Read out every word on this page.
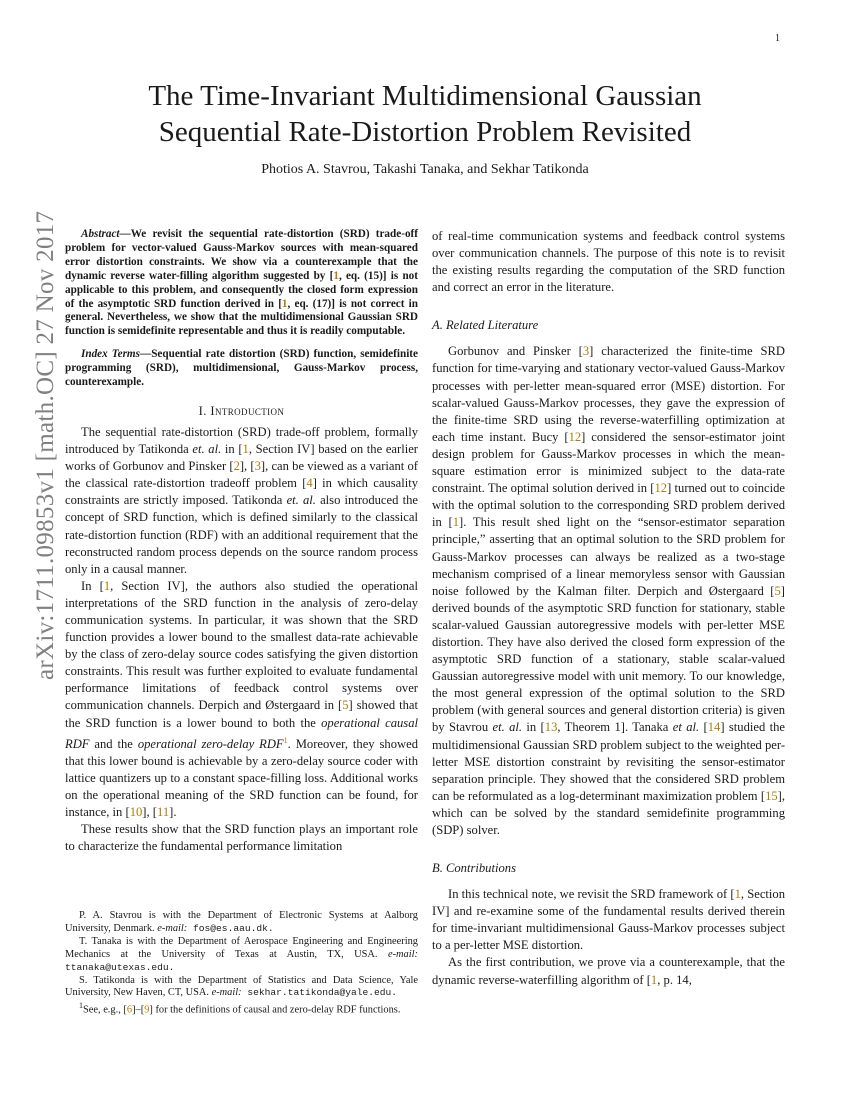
1
arXiv:1711.09853v1 [math.OC] 27 Nov 2017
The Time-Invariant Multidimensional Gaussian
Sequential Rate-Distortion Problem Revisited
Photios A. Stavrou, Takashi Tanaka, and Sekhar Tatikonda

Abstract—We revisit the sequential rate-distortion (SRD) trade-off problem for vector-valued Gauss-Markov sources with mean-squared error distortion constraints. We show via a counterexample that the dynamic reverse water-filling algorithm suggested by [1, eq. (15)] is not applicable to this problem, and consequently the closed form expression of the asymptotic SRD function derived in [1, eq. (17)] is not correct in general. Nevertheless, we show that the multidimensional Gaussian SRD function is semidefinite representable and thus it is readily computable.

Index Terms—Sequential rate distortion (SRD) function, semidefinite programming (SRD), multidimensional, Gauss-Markov process, counterexample.

I. Introduction

The sequential rate-distortion (SRD) trade-off problem, formally introduced by Tatikonda et. al. in [1, Section IV] based on the earlier works of Gorbunov and Pinsker [2], [3], can be viewed as a variant of the classical rate-distortion tradeoff problem [4] in which causality constraints are strictly imposed. Tatikonda et. al. also introduced the concept of SRD function, which is defined similarly to the classical rate-distortion function (RDF) with an additional requirement that the reconstructed random process depends on the source random process only in a causal manner.

In [1, Section IV], the authors also studied the operational interpretations of the SRD function in the analysis of zero-delay communication systems. In particular, it was shown that the SRD function provides a lower bound to the smallest data-rate achievable by the class of zero-delay source codes satisfying the given distortion constraints. This result was further exploited to evaluate fundamental performance limitations of feedback control systems over communication channels. Derpich and Østergaard in [5] showed that the SRD function is a lower bound to both the operational causal RDF and the operational zero-delay RDF$^1$. Moreover, they showed that this lower bound is achievable by a zero-delay source coder with lattice quantizers up to a constant space-filling loss. Additional works on the operational meaning of the SRD function can be found, for instance, in [10], [11].

These results show that the SRD function plays an important role to characterize the fundamental performance limitation

P. A. Stavrou is with the Department of Electronic Systems at Aalborg University, Denmark. e-mail: fos@es.aau.dk.

T. Tanaka is with the Department of Aerospace Engineering and Engineering Mechanics at the University of Texas at Austin, TX, USA. e-mail: ttanaka@utexas.edu.

S. Tatikonda is with the Department of Statistics and Data Science, Yale University, New Haven, CT, USA. e-mail: sekhar.tatikonda@yale.edu.

$^1$See, e.g., [6]–[9] for the definitions of causal and zero-delay RDF functions.

of real-time communication systems and feedback control systems over communication channels. The purpose of this note is to revisit the existing results regarding the computation of the SRD function and correct an error in the literature.

A. Related Literature

Gorbunov and Pinsker [3] characterized the finite-time SRD function for time-varying and stationary vector-valued Gauss-Markov processes with per-letter mean-squared error (MSE) distortion. For scalar-valued Gauss-Markov processes, they gave the expression of the finite-time SRD using the reverse-waterfilling optimization at each time instant. Bucy [12] considered the sensor-estimator joint design problem for Gauss-Markov processes in which the mean-square estimation error is minimized subject to the data-rate constraint. The optimal solution derived in [12] turned out to coincide with the optimal solution to the corresponding SRD problem derived in [1]. This result shed light on the “sensor-estimator separation principle,” asserting that an optimal solution to the SRD problem for Gauss-Markov processes can always be realized as a two-stage mechanism comprised of a linear memoryless sensor with Gaussian noise followed by the Kalman filter. Derpich and Østergaard [5] derived bounds of the asymptotic SRD function for stationary, stable scalar-valued Gaussian autoregressive models with per-letter MSE distortion. They have also derived the closed form expression of the asymptotic SRD function of a stationary, stable scalar-valued Gaussian autoregressive model with unit memory. To our knowledge, the most general expression of the optimal solution to the SRD problem (with general sources and general distortion criteria) is given by Stavrou et. al. in [13, Theorem 1]. Tanaka et al. [14] studied the multidimensional Gaussian SRD problem subject to the weighted per-letter MSE distortion constraint by revisiting the sensor-estimator separation principle. They showed that the considered SRD problem can be reformulated as a log-determinant maximization problem [15], which can be solved by the standard semidefinite programming (SDP) solver.

B. Contributions

In this technical note, we revisit the SRD framework of [1, Section IV] and re-examine some of the fundamental results derived therein for time-invariant multidimensional Gauss-Markov processes subject to a per-letter MSE distortion.

As the first contribution, we prove via a counterexample, that the dynamic reverse-waterfilling algorithm of [1, p. 14,
